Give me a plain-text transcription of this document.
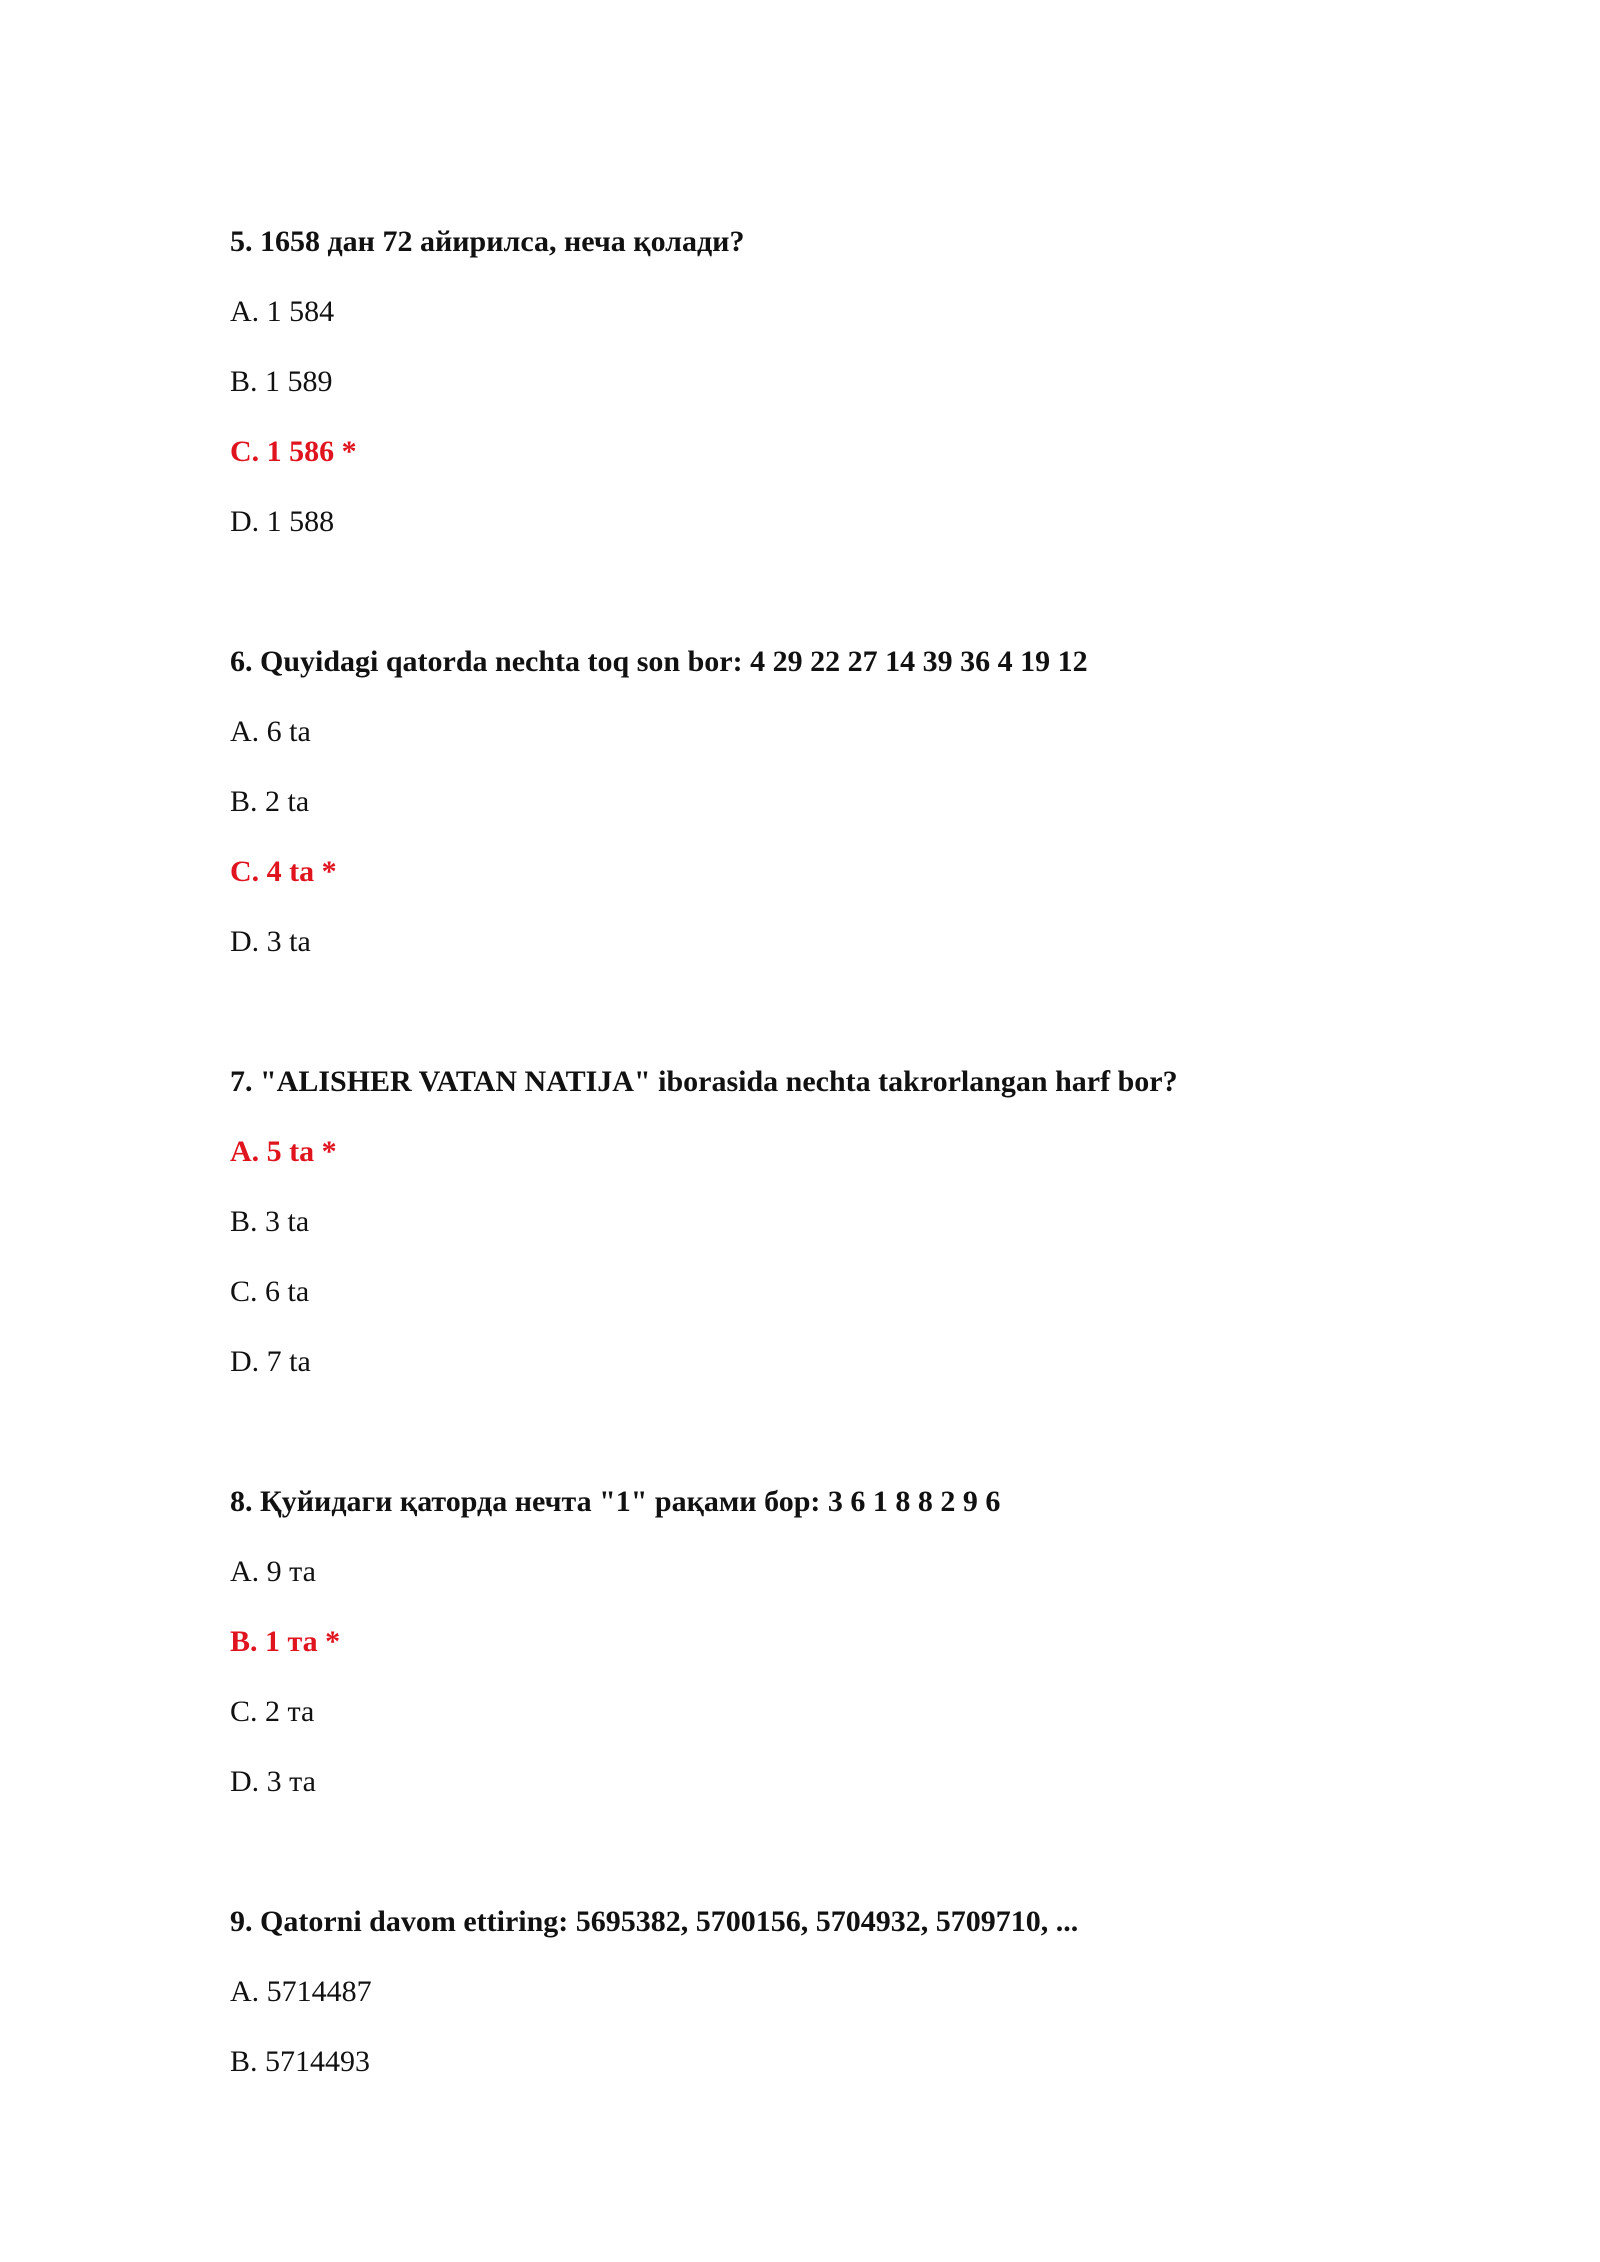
5. 1658 дан 72 айирилса, неча қолади?
A. 1 584
B. 1 589
C. 1 586 *
D. 1 588
6. Quyidagi qatorda nechta toq son bor: 4 29 22 27 14 39 36 4 19 12
A. 6 ta
B. 2 ta
C. 4 ta *
D. 3 ta
7. "ALISHER VATAN NATIJA" iborasida nechta takrorlangan harf bor?
A. 5 ta *
B. 3 ta
C. 6 ta
D. 7 ta
8. Қуйидаги қаторда нечта "1" рақами бор: 3 6 1 8 8 2 9 6
A. 9 та
B. 1 та *
C. 2 та
D. 3 та
9. Qatorni davom ettiring: 5695382, 5700156, 5704932, 5709710, ...
A. 5714487
B. 5714493
